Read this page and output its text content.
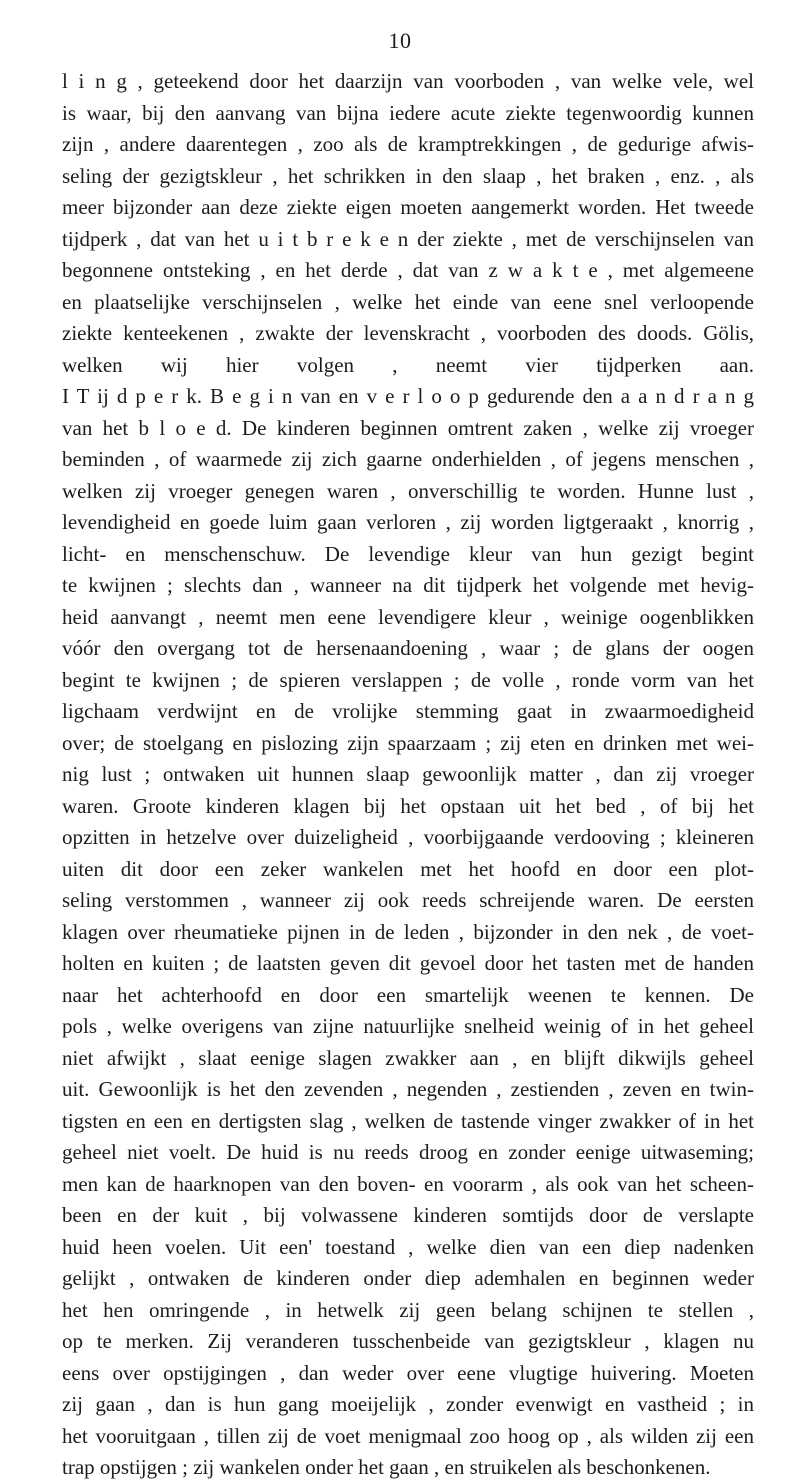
10
l i n g , geteekend door het daarzijn van voorboden , van welke vele, wel
is waar, bij den aanvang van bijna iedere acute ziekte tegenwoordig kunnen
zijn , andere daarentegen , zoo als de kramptrekkingen , de gedurige afwis-
seling der gezigtskleur , het schrikken in den slaap , het braken , enz. , als
meer bijzonder aan deze ziekte eigen moeten aangemerkt worden. Het tweede
tijdperk , dat van het u i t b r e k e n der ziekte , met de verschijnselen van
begonnene ontsteking , en het derde , dat van z w a k t e , met algemeene
en plaatselijke verschijnselen , welke het einde van eene snel verloopende
ziekte kenteekenen , zwakte der levenskracht , voorboden des doods. Gölis,
welken wij hier volgen , neemt vier tijdperken aan.
I T ij d p e r k. B e g i n van en v e r l o o p gedurende den a a n d r a n g
van het b l o e d. De kinderen beginnen omtrent zaken , welke zij vroeger
beminden , of waarmede zij zich gaarne onderhielden , of jegens menschen ,
welken zij vroeger genegen waren , onverschillig te worden. Hunne lust ,
levendigheid en goede luim gaan verloren , zij worden ligtgeraakt , knorrig ,
licht- en menschenschuw. De levendige kleur van hun gezigt begint
te kwijnen ; slechts dan , wanneer na dit tijdperk het volgende met hevig-
heid aanvangt , neemt men eene levendigere kleur , weinige oogenblikken
vóór den overgang tot de hersenaandoening , waar ; de glans der oogen
begint te kwijnen ; de spieren verslappen ; de volle , ronde vorm van het
ligchaam verdwijnt en de vrolijke stemming gaat in zwaarmoedigheid
over; de stoelgang en pislozing zijn spaarzaam ; zij eten en drinken met wei-
nig lust ; ontwaken uit hunnen slaap gewoonlijk matter , dan zij vroeger
waren. Groote kinderen klagen bij het opstaan uit het bed , of bij het
opzitten in hetzelve over duizeligheid , voorbijgaande verdooving ; kleineren
uiten dit door een zeker wankelen met het hoofd en door een plot-
seling verstommen , wanneer zij ook reeds schreijende waren. De eersten
klagen over rheumatieke pijnen in de leden , bijzonder in den nek , de voet-
holten en kuiten ; de laatsten geven dit gevoel door het tasten met de handen
naar het achterhoofd en door een smartelijk weenen te kennen. De
pols , welke overigens van zijne natuurlijke snelheid weinig of in het geheel
niet afwijkt , slaat eenige slagen zwakker aan , en blijft dikwijls geheel
uit. Gewoonlijk is het den zevenden , negenden , zestienden , zeven en twin-
tigsten en een en dertigsten slag , welken de tastende vinger zwakker of in het
geheel niet voelt. De huid is nu reeds droog en zonder eenige uitwaseming;
men kan de haarknopen van den boven- en voorarm , als ook van het scheen-
been en der kuit , bij volwassene kinderen somtijds door de verslapte
huid heen voelen. Uit een' toestand , welke dien van een diep nadenken
gelijkt , ontwaken de kinderen onder diep ademhalen en beginnen weder
het hen omringende , in hetwelk zij geen belang schijnen te stellen ,
op te merken. Zij veranderen tusschenbeide van gezigtskleur , klagen nu
eens over opstijgingen , dan weder over eene vlugtige huivering. Moeten
zij gaan , dan is hun gang moeijelijk , zonder evenwigt en vastheid ; in
het vooruitgaan , tillen zij de voet menigmaal zoo hoog op , als wilden zij een
trap opstijgen ; zij wankelen onder het gaan , en struikelen als beschonkenen.
